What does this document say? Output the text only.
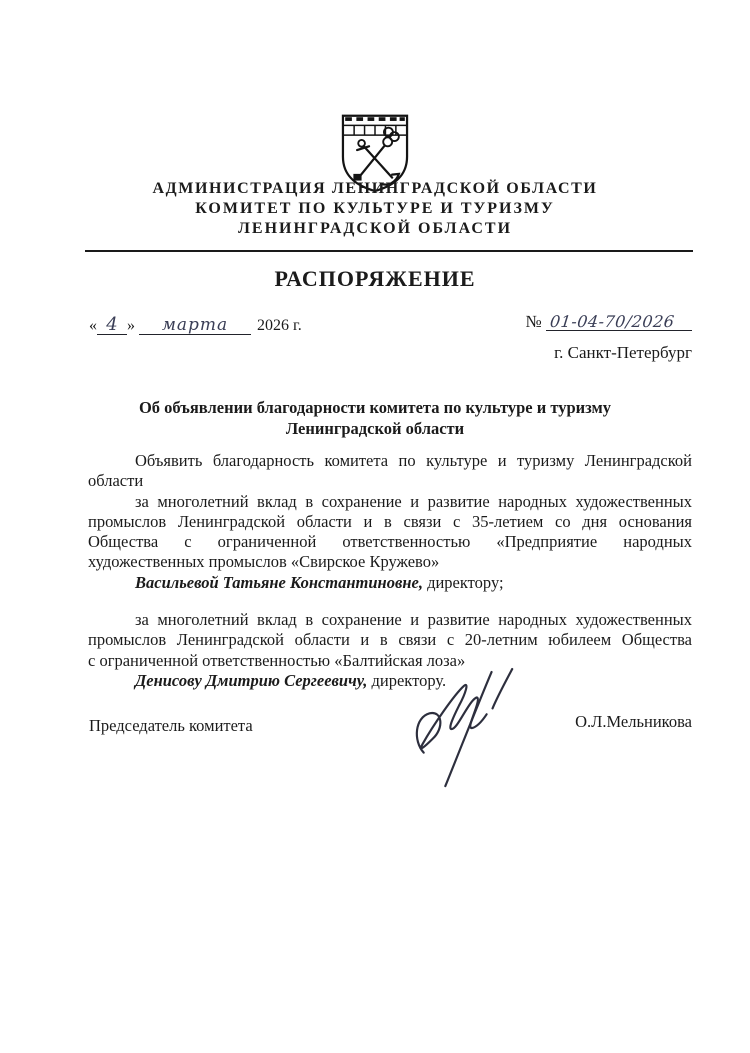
АДМИНИСТРАЦИЯ ЛЕНИНГРАДСКОЙ ОБЛАСТИ
КОМИТЕТ ПО КУЛЬТУРЕ И ТУРИЗМУ
ЛЕНИНГРАДСКОЙ ОБЛАСТИ
РАСПОРЯЖЕНИЕ
« 4 » марта 2026 г.	№ 01-04-70/2026
г. Санкт-Петербург
Об объявлении благодарности комитета по культуре и туризму
Ленинградской области
Объявить благодарность комитета по культуре и туризму Ленинградской
области
за многолетний вклад в сохранение и развитие народных художественных
промыслов Ленинградской области и в связи с 35-летием со дня основания
Общества с ограниченной ответственностью «Предприятие народных
художественных промыслов «Свирское Кружево»
Васильевой Татьяне Константиновне, директору;
за многолетний вклад в сохранение и развитие народных художественных
промыслов Ленинградской области и в связи с 20-летним юбилеем Общества
с ограниченной ответственностью «Балтийская лоза»
Денисову Дмитрию Сергеевичу, директору.
Председатель комитета	О.Л.Мельникова
